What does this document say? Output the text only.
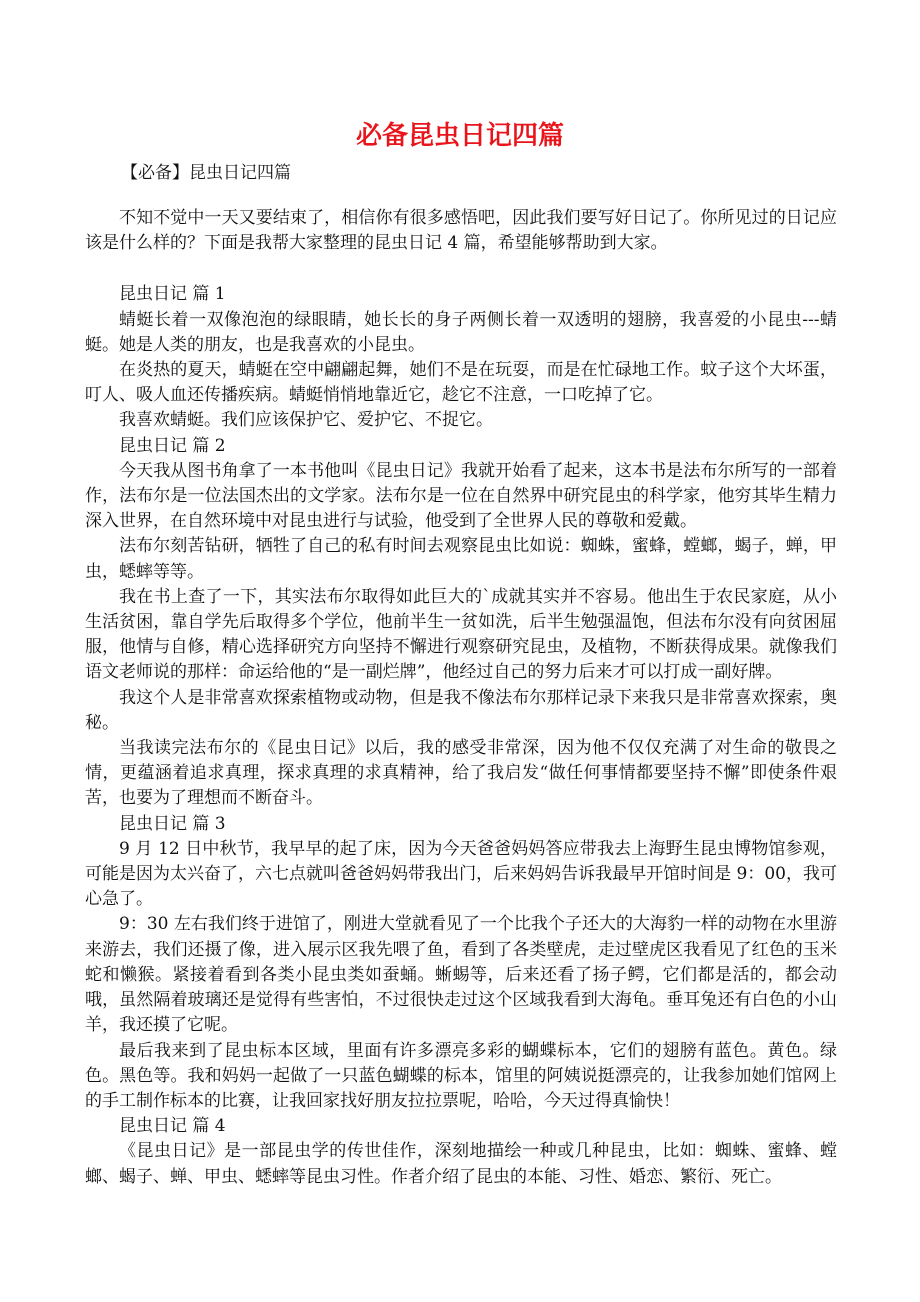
必备昆虫日记四篇

【必备】昆虫日记四篇

不知不觉中一天又要结束了，相信你有很多感悟吧，因此我们要写好日记了。你所见过的日记应该是什么样的？下面是我帮大家整理的昆虫日记 4 篇，希望能够帮助到大家。

昆虫日记 篇 1

蜻蜓长着一双像泡泡的绿眼睛，她长长的身子两侧长着一双透明的翅膀，我喜爱的小昆虫---蜻蜓。她是人类的朋友，也是我喜欢的小昆虫。

在炎热的夏天，蜻蜓在空中翩翩起舞，她们不是在玩耍，而是在忙碌地工作。蚊子这个大坏蛋，叮人、吸人血还传播疾病。蜻蜓悄悄地靠近它，趁它不注意，一口吃掉了它。

我喜欢蜻蜓。我们应该保护它、爱护它、不捉它。

昆虫日记 篇 2

今天我从图书角拿了一本书他叫《昆虫日记》我就开始看了起来，这本书是法布尔所写的一部着作，法布尔是一位法国杰出的文学家。法布尔是一位在自然界中研究昆虫的科学家，他穷其毕生精力深入世界，在自然环境中对昆虫进行与试验，他受到了全世界人民的尊敬和爱戴。

法布尔刻苦钻研，牺牲了自己的私有时间去观察昆虫比如说：蜘蛛，蜜蜂，螳螂，蝎子，蝉，甲虫，蟋蟀等等。

我在书上查了一下，其实法布尔取得如此巨大的`成就其实并不容易。他出生于农民家庭，从小生活贫困，靠自学先后取得多个学位，他前半生一贫如洗，后半生勉强温饱，但法布尔没有向贫困屈服，他情与自修，精心选择研究方向坚持不懈进行观察研究昆虫，及植物，不断获得成果。就像我们语文老师说的那样：命运给他的“是一副烂牌”，他经过自己的努力后来才可以打成一副好牌。

我这个人是非常喜欢探索植物或动物，但是我不像法布尔那样记录下来我只是非常喜欢探索，奥秘。

当我读完法布尔的《昆虫日记》以后，我的感受非常深，因为他不仅仅充满了对生命的敬畏之情，更蕴涵着追求真理，探求真理的求真精神，给了我启发“做任何事情都要坚持不懈”即使条件艰苦，也要为了理想而不断奋斗。

昆虫日记 篇 3

9 月 12 日中秋节，我早早的起了床，因为今天爸爸妈妈答应带我去上海野生昆虫博物馆参观，可能是因为太兴奋了，六七点就叫爸爸妈妈带我出门，后来妈妈告诉我最早开馆时间是 9：00，我可心急了。

9：30 左右我们终于进馆了，刚进大堂就看见了一个比我个子还大的大海豹一样的动物在水里游来游去，我们还摄了像，进入展示区我先喂了鱼，看到了各类壁虎，走过壁虎区我看见了红色的玉米蛇和懒猴。紧接着看到各类小昆虫类如蚕蛹。蜥蜴等，后来还看了扬子鳄，它们都是活的，都会动哦，虽然隔着玻璃还是觉得有些害怕，不过很快走过这个区域我看到大海龟。垂耳兔还有白色的小山羊，我还摸了它呢。

最后我来到了昆虫标本区域，里面有许多漂亮多彩的蝴蝶标本，它们的翅膀有蓝色。黄色。绿色。黑色等。我和妈妈一起做了一只蓝色蝴蝶的标本，馆里的阿姨说挺漂亮的，让我参加她们馆网上的手工制作标本的比赛，让我回家找好朋友拉拉票呢，哈哈，今天过得真愉快！

昆虫日记 篇 4

《昆虫日记》是一部昆虫学的传世佳作，深刻地描绘一种或几种昆虫，比如：蜘蛛、蜜蜂、螳螂、蝎子、蝉、甲虫、蟋蟀等昆虫习性。作者介绍了昆虫的本能、习性、婚恋、繁衍、死亡。
